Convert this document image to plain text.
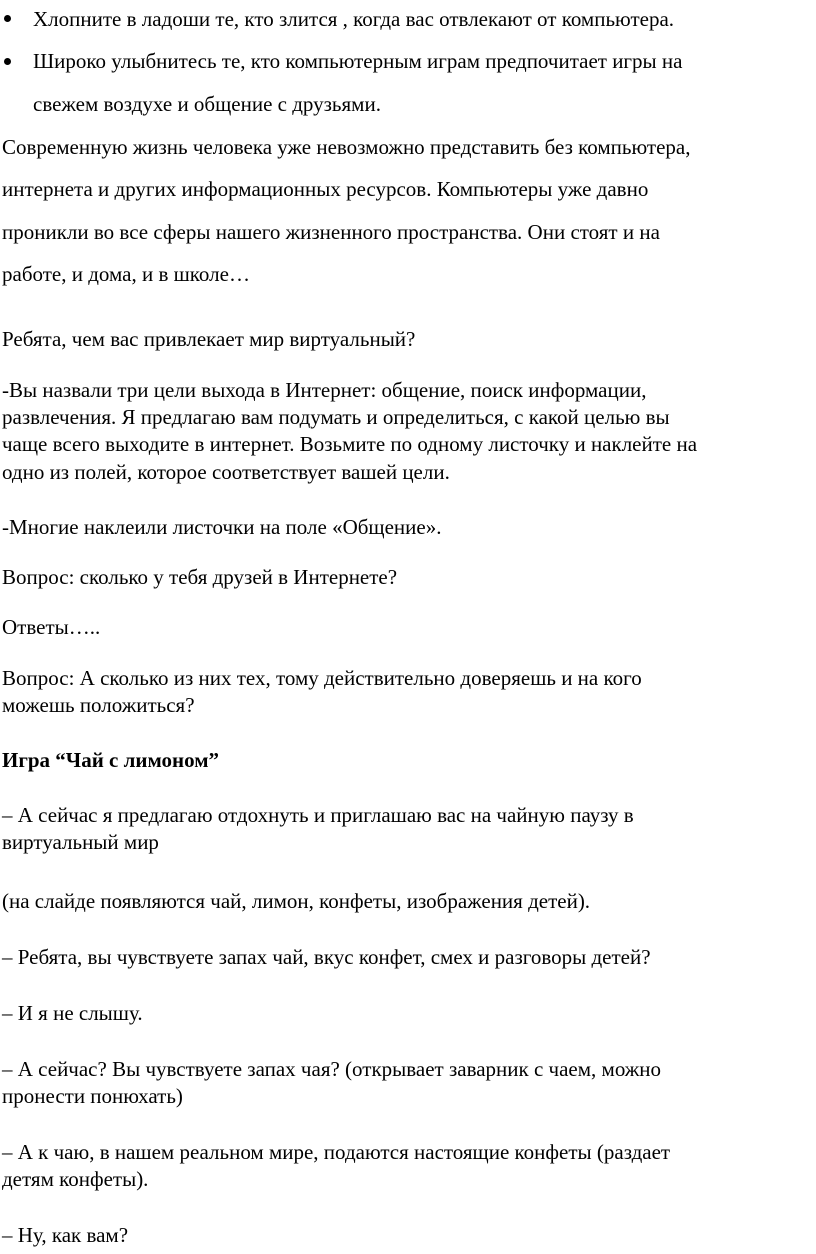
Хлопните в ладоши те, кто злится , когда вас отвлекают от компьютера.
Широко улыбнитесь те, кто компьютерным играм предпочитает игры на
свежем воздухе и общение с друзьями.
Современную жизнь человека уже невозможно представить без компьютера,
интернета и других информационных ресурсов. Компьютеры уже давно
проникли во все сферы нашего жизненного пространства. Они стоят и на
работе, и дома, и в школе…
Ребята, чем вас привлекает мир виртуальный?
-Вы назвали три цели выхода в Интернет: общение, поиск информации,
развлечения. Я предлагаю вам подумать и определиться, с какой целью вы
чаще всего выходите в интернет. Возьмите по одному листочку и наклейте на
одно из полей, которое соответствует вашей цели.
-Многие наклеили листочки на поле «Общение».
Вопрос: сколько у тебя друзей в Интернете?
Ответы…..
Вопрос: А сколько из них тех, тому действительно доверяешь и на кого
можешь положиться?
Игра “Чай с лимоном”
– А сейчас я предлагаю отдохнуть и приглашаю вас на чайную паузу в
виртуальный мир
(на слайде появляются чай, лимон, конфеты, изображения детей).
– Ребята, вы чувствуете запах чай, вкус конфет, смех и разговоры детей?
– И я не слышу.
– А сейчас? Вы чувствуете запах чая? (открывает заварник с чаем, можно
пронести понюхать)
– А к чаю, в нашем реальном мире, подаются настоящие конфеты (раздает
детям конфеты).
– Ну, как вам?
